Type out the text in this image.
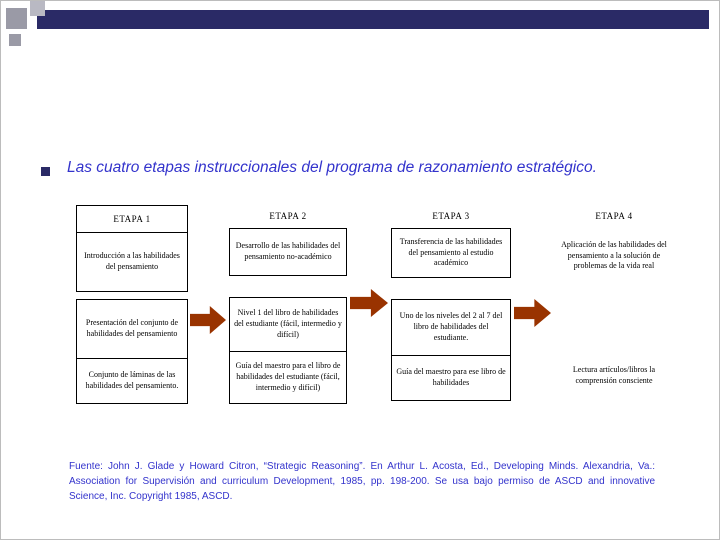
Las cuatro etapas instruccionales del programa de razonamiento estratégico.
ETAPA 1
Introducción a las habilidades del pensamiento
Presentación del conjunto de habilidades del pensamiento
Conjunto de láminas de las habilidades del pensamiento.
ETAPA 2
Desarrollo de las habilidades del pensamiento no-académico
Nivel 1 del libro de habilidades del estudiante (fácil, intermedio y difícil)
Guía del maestro para el libro de habilidades del estudiante (fácil, intermedio y difícil)
ETAPA 3
Transferencia de las habilidades del pensamiento al estudio académico
Uno de los niveles del 2 al 7 del libro de habilidades del estudiante.
Guía del maestro para ese libro de habilidades
ETAPA 4
Aplicación de las habilidades del pensamiento a la solución de problemas de la vida real
Lectura artículos/libros la comprensión consciente
Fuente: John J. Glade y Howard Citron, “Strategic Reasoning”. En Arthur L. Acosta, Ed., Developing Minds. Alexandria, Va.: Association for Supervisión and curriculum Development, 1985, pp. 198-200. Se usa bajo permiso de ASCD and innovative Science, Inc. Copyright 1985, ASCD.
